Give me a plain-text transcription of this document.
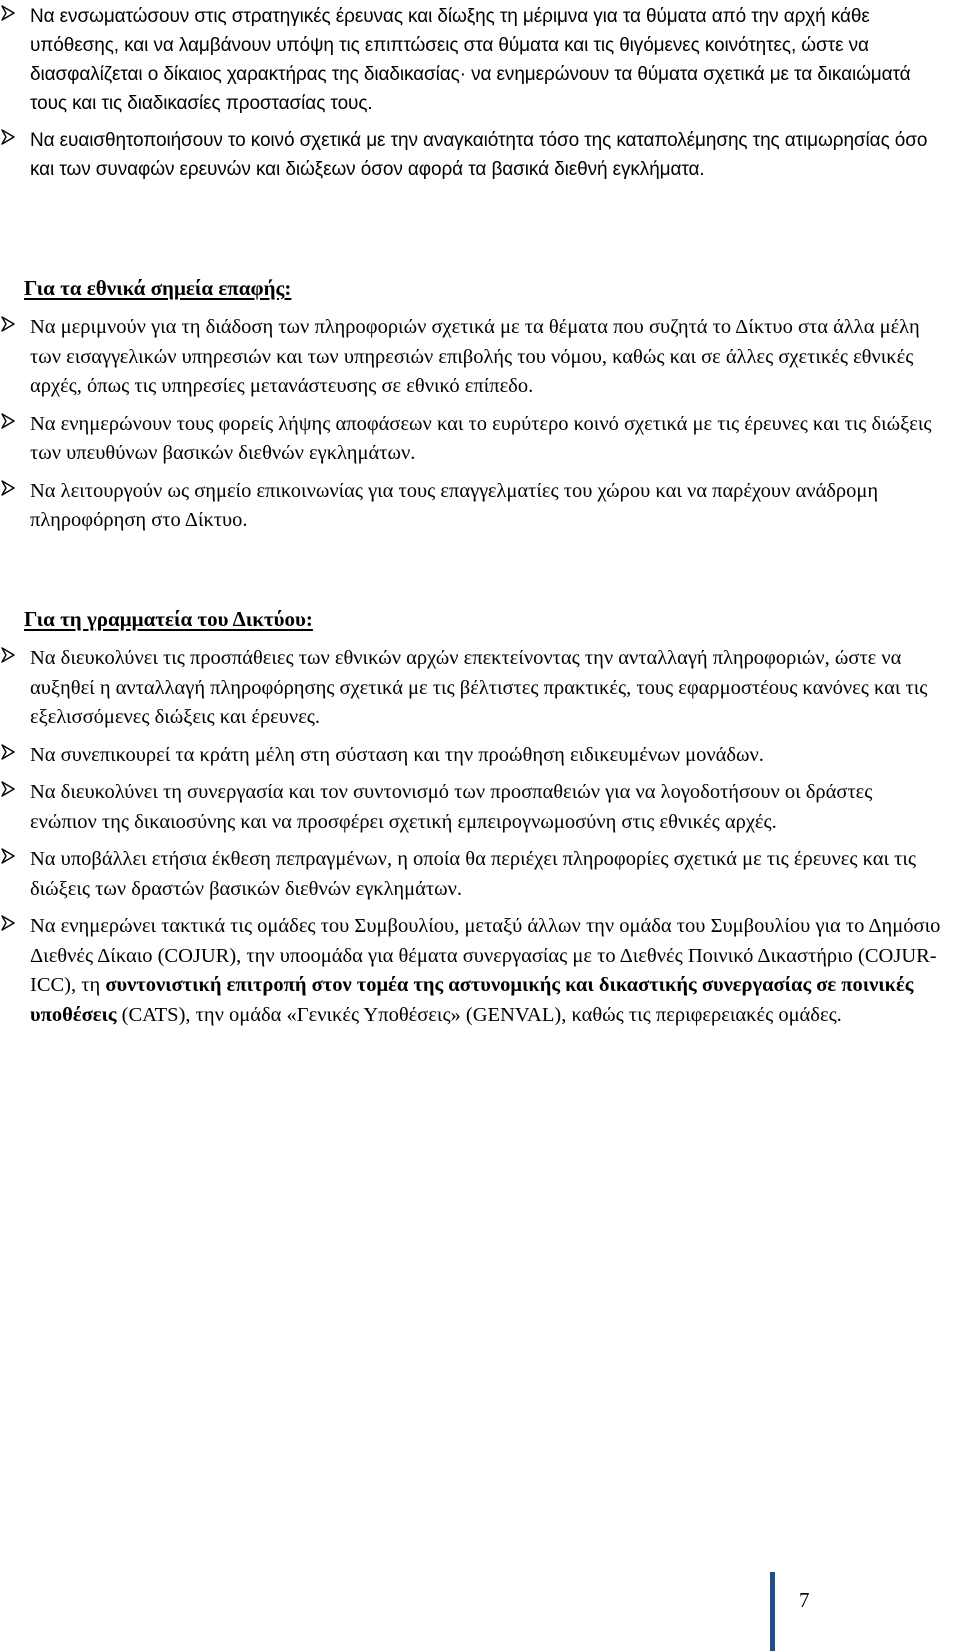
Να ενσωματώσουν στις στρατηγικές έρευνας και δίωξης τη μέριμνα για τα θύματα από την αρχή κάθε υπόθεσης, και να λαμβάνουν υπόψη τις επιπτώσεις στα θύματα και τις θιγόμενες κοινότητες, ώστε να διασφαλίζεται ο δίκαιος χαρακτήρας της διαδικασίας· να ενημερώνουν τα θύματα σχετικά με τα δικαιώματά τους και τις διαδικασίες προστασίας τους.
Να ευαισθητοποιήσουν το κοινό σχετικά με την αναγκαιότητα τόσο της καταπολέμησης της ατιμωρησίας όσο και των συναφών ερευνών και διώξεων όσον αφορά τα βασικά διεθνή εγκλήματα.
Για τα εθνικά σημεία επαφής:
Να μεριμνούν για τη διάδοση των πληροφοριών σχετικά με τα θέματα που συζητά το Δίκτυο στα άλλα μέλη των εισαγγελικών υπηρεσιών και των υπηρεσιών επιβολής του νόμου, καθώς και σε άλλες σχετικές εθνικές αρχές, όπως τις υπηρεσίες μετανάστευσης σε εθνικό επίπεδο.
Να ενημερώνουν τους φορείς λήψης αποφάσεων και το ευρύτερο κοινό σχετικά με τις έρευνες και τις διώξεις των υπευθύνων βασικών διεθνών εγκλημάτων.
Να λειτουργούν ως σημείο επικοινωνίας για τους επαγγελματίες του χώρου και να παρέχουν ανάδρομη πληροφόρηση στο Δίκτυο.
Για τη γραμματεία του Δικτύου:
Να διευκολύνει τις προσπάθειες των εθνικών αρχών επεκτείνοντας την ανταλλαγή πληροφοριών, ώστε να αυξηθεί η ανταλλαγή πληροφόρησης σχετικά με τις βέλτιστες πρακτικές, τους εφαρμοστέους κανόνες και τις εξελισσόμενες διώξεις και έρευνες.
Να συνεπικουρεί τα κράτη μέλη στη σύσταση και την προώθηση ειδικευμένων μονάδων.
Να διευκολύνει τη συνεργασία και τον συντονισμό των προσπαθειών για να λογοδοτήσουν οι δράστες ενώπιον της δικαιοσύνης και να προσφέρει σχετική εμπειρογνωμοσύνη στις εθνικές αρχές.
Να υποβάλλει ετήσια έκθεση πεπραγμένων, η οποία θα περιέχει πληροφορίες σχετικά με τις έρευνες και τις διώξεις των δραστών βασικών διεθνών εγκλημάτων.
Να ενημερώνει τακτικά τις ομάδες του Συμβουλίου, μεταξύ άλλων την ομάδα του Συμβουλίου για το Δημόσιο Διεθνές Δίκαιο (COJUR), την υποομάδα για θέματα συνεργασίας με το Διεθνές Ποινικό Δικαστήριο (COJUR-ICC), τη συντονιστική επιτροπή στον τομέα της αστυνομικής και δικαστικής συνεργασίας σε ποινικές υποθέσεις (CATS), την ομάδα «Γενικές Υποθέσεις» (GENVAL), καθώς τις περιφερειακές ομάδες.
7
